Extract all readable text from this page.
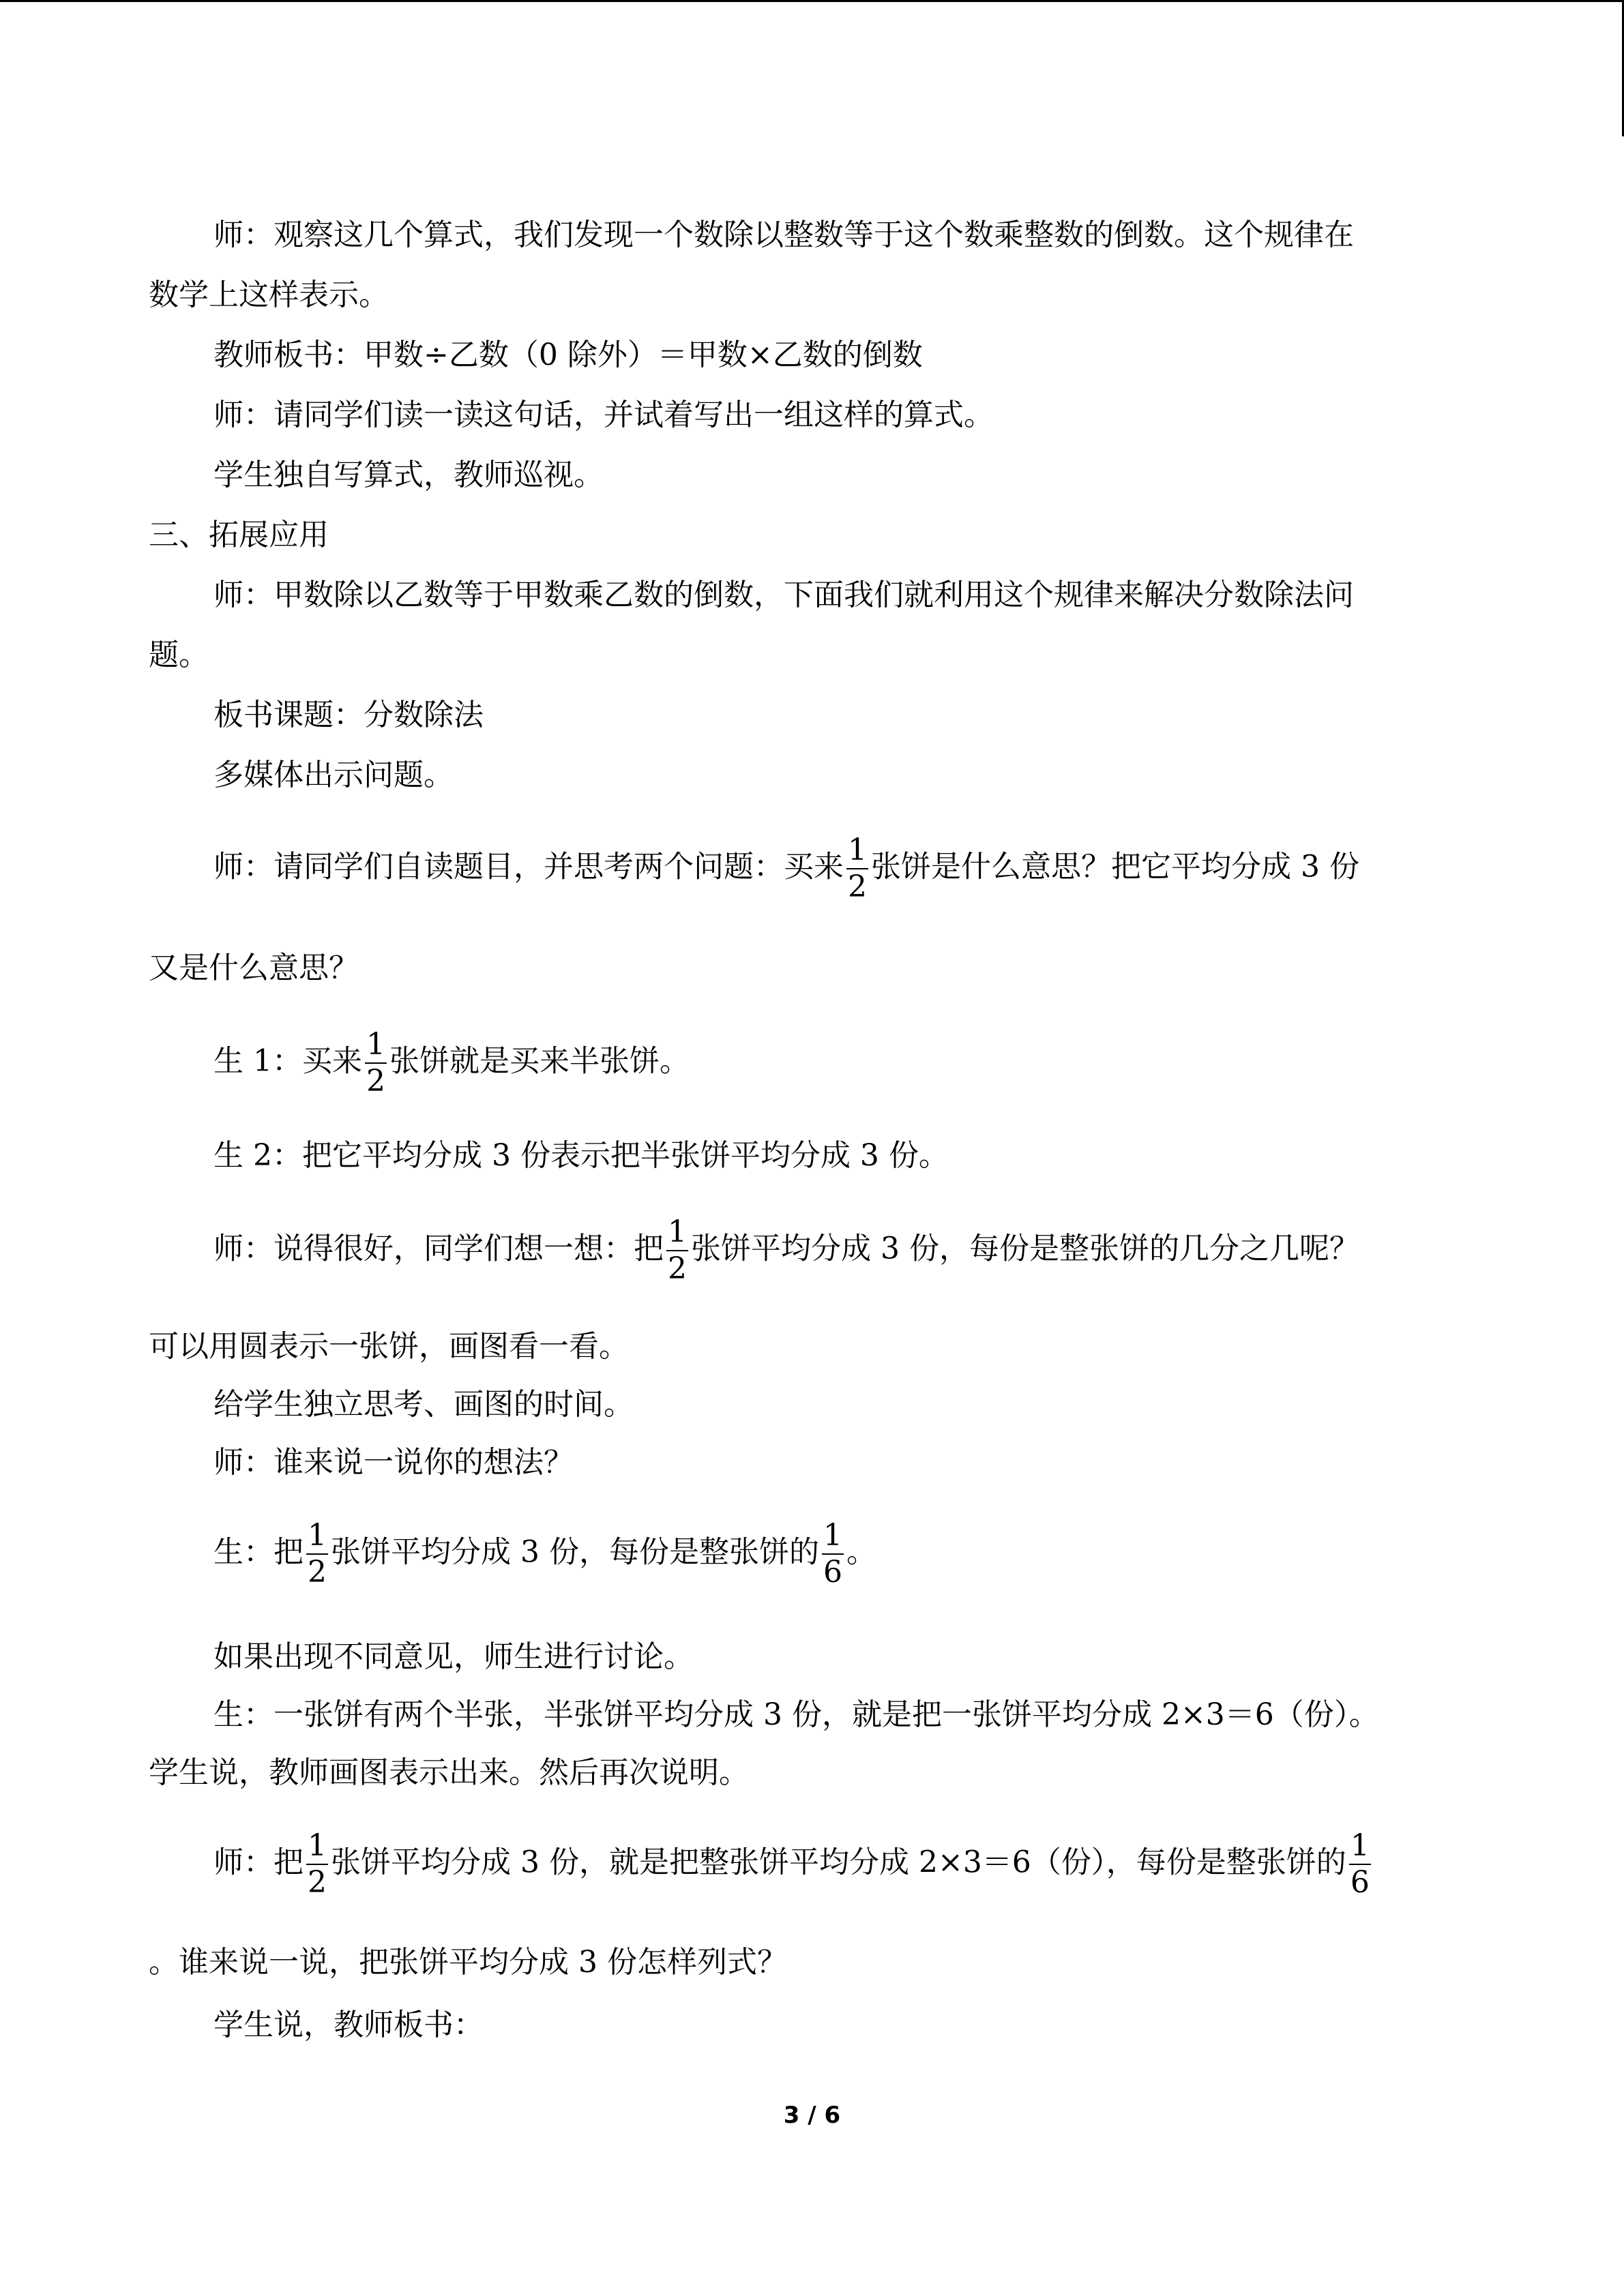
师：观察这几个算式，我们发现一个数除以整数等于这个数乘整数的倒数。这个规律在
数学上这样表示。
教师板书：甲数÷乙数（0 除外）＝甲数×乙数的倒数
师：请同学们读一读这句话，并试着写出一组这样的算式。
学生独自写算式，教师巡视。
三、拓展应用
师：甲数除以乙数等于甲数乘乙数的倒数，下面我们就利用这个规律来解决分数除法问
题。
板书课题：分数除法
多媒体出示问题。
师：请同学们自读题目，并思考两个问题：买来 $\frac{1}{2}$ 张饼是什么意思？把它平均分成 3 份
又是什么意思？
生 1：买来 $\frac{1}{2}$ 张饼就是买来半张饼。
生 2：把它平均分成 3 份表示把半张饼平均分成 3 份。
师：说得很好，同学们想一想：把 $\frac{1}{2}$ 张饼平均分成 3 份，每份是整张饼的几分之几呢？
可以用圆表示一张饼，画图看一看。
给学生独立思考、画图的时间。
师：谁来说一说你的想法？
生：把 $\frac{1}{2}$ 张饼平均分成 3 份，每份是整张饼的 $\frac{1}{6}$ 。
如果出现不同意见，师生进行讨论。
生：一张饼有两个半张，半张饼平均分成 3 份，就是把一张饼平均分成 2×3＝6（份）。
学生说，教师画图表示出来。然后再次说明。
师：把 $\frac{1}{2}$ 张饼平均分成 3 份，就是把整张饼平均分成 2×3＝6（份），每份是整张饼的 $\frac{1}{6}$
。谁来说一说，把张饼平均分成 3 份怎样列式？
学生说，教师板书：
3 / 6
